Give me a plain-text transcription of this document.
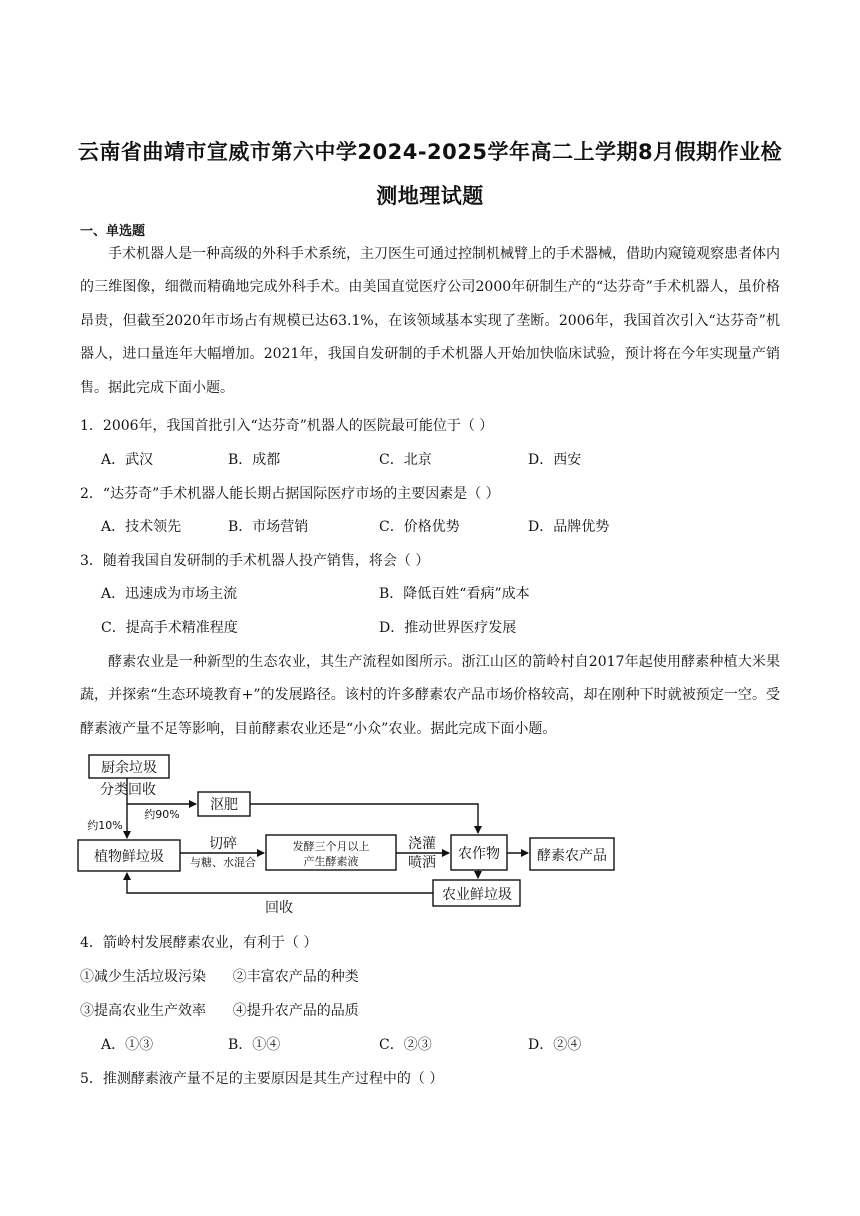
云南省曲靖市宣威市第六中学2024-2025学年高二上学期8月假期作业检
测地理试题
一、单选题
手术机器人是一种高级的外科手术系统，主刀医生可通过控制机械臂上的手术器械，借助内窥镜观察患者体内的三维图像，细微而精确地完成外科手术。由美国直觉医疗公司2000年研制生产的“达芬奇”手术机器人，虽价格昂贵，但截至2020年市场占有规模已达63.1%，在该领域基本实现了垄断。2006年，我国首次引入“达芬奇”机器人，进口量连年大幅增加。2021年，我国自发研制的手术机器人开始加快临床试验，预计将在今年实现量产销售。据此完成下面小题。
1．2006年，我国首批引入“达芬奇”机器人的医院最可能位于（ ）
A．武汉	B．成都	C．北京	D．西安
2．“达芬奇”手术机器人能长期占据国际医疗市场的主要因素是（ ）
A．技术领先	B．市场营销	C．价格优势	D．品牌优势
3．随着我国自发研制的手术机器人投产销售，将会（ ）
A．迅速成为市场主流	B．降低百姓“看病”成本
C．提高手术精准程度	D．推动世界医疗发展
酵素农业是一种新型的生态农业，其生产流程如图所示。浙江山区的箭岭村自2017年起使用酵素种植大米果蔬，并探索“生态环境教育+”的发展路径。该村的许多酵素农产品市场价格较高，却在刚种下时就被预定一空。受酵素液产量不足等影响，目前酵素农业还是“小众”农业。据此完成下面小题。
厨余垃圾
分类回收
约90%
沤肥
约10%
植物鲜垃圾
切碎
与糖、水混合
发酵三个月以上
产生酵素液
浇灌
喷洒
农作物	酵素农产品
农业鲜垃圾
回收
4．箭岭村发展酵素农业，有利于（ ）
①减少生活垃圾污染      ②丰富农产品的种类
③提高农业生产效率      ④提升农产品的品质
A．①③	B．①④	C．②③	D．②④
5．推测酵素液产量不足的主要原因是其生产过程中的（ ）
